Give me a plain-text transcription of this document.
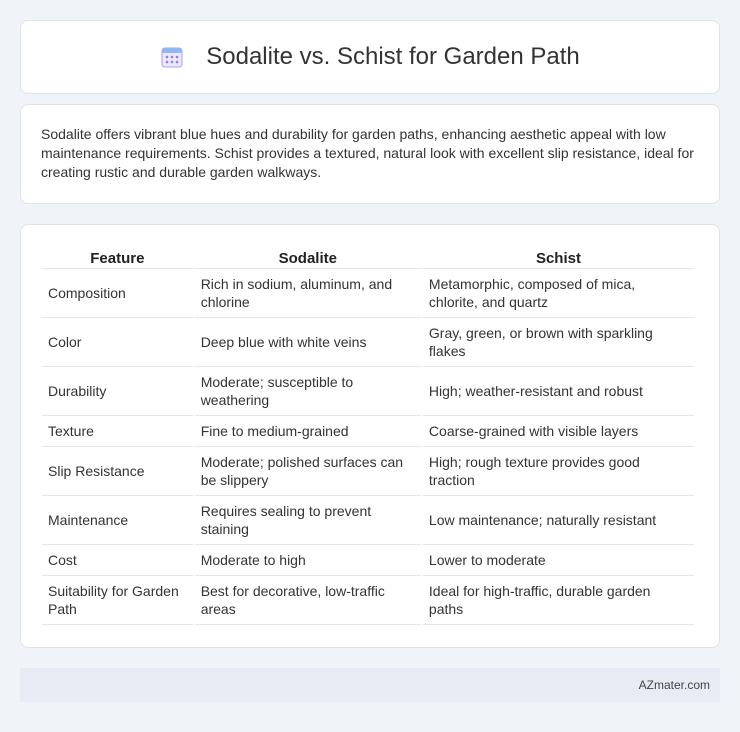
Sodalite vs. Schist for Garden Path

Sodalite offers vibrant blue hues and durability for garden paths, enhancing aesthetic appeal with low maintenance requirements. Schist provides a textured, natural look with excellent slip resistance, ideal for creating rustic and durable garden walkways.

Feature	Sodalite	Schist
Composition	Rich in sodium, aluminum, and chlorine	Metamorphic, composed of mica, chlorite, and quartz
Color	Deep blue with white veins	Gray, green, or brown with sparkling flakes
Durability	Moderate; susceptible to weathering	High; weather-resistant and robust
Texture	Fine to medium-grained	Coarse-grained with visible layers
Slip Resistance	Moderate; polished surfaces can be slippery	High; rough texture provides good traction
Maintenance	Requires sealing to prevent staining	Low maintenance; naturally resistant
Cost	Moderate to high	Lower to moderate
Suitability for Garden Path	Best for decorative, low-traffic areas	Ideal for high-traffic, durable garden paths
AZmater.com
